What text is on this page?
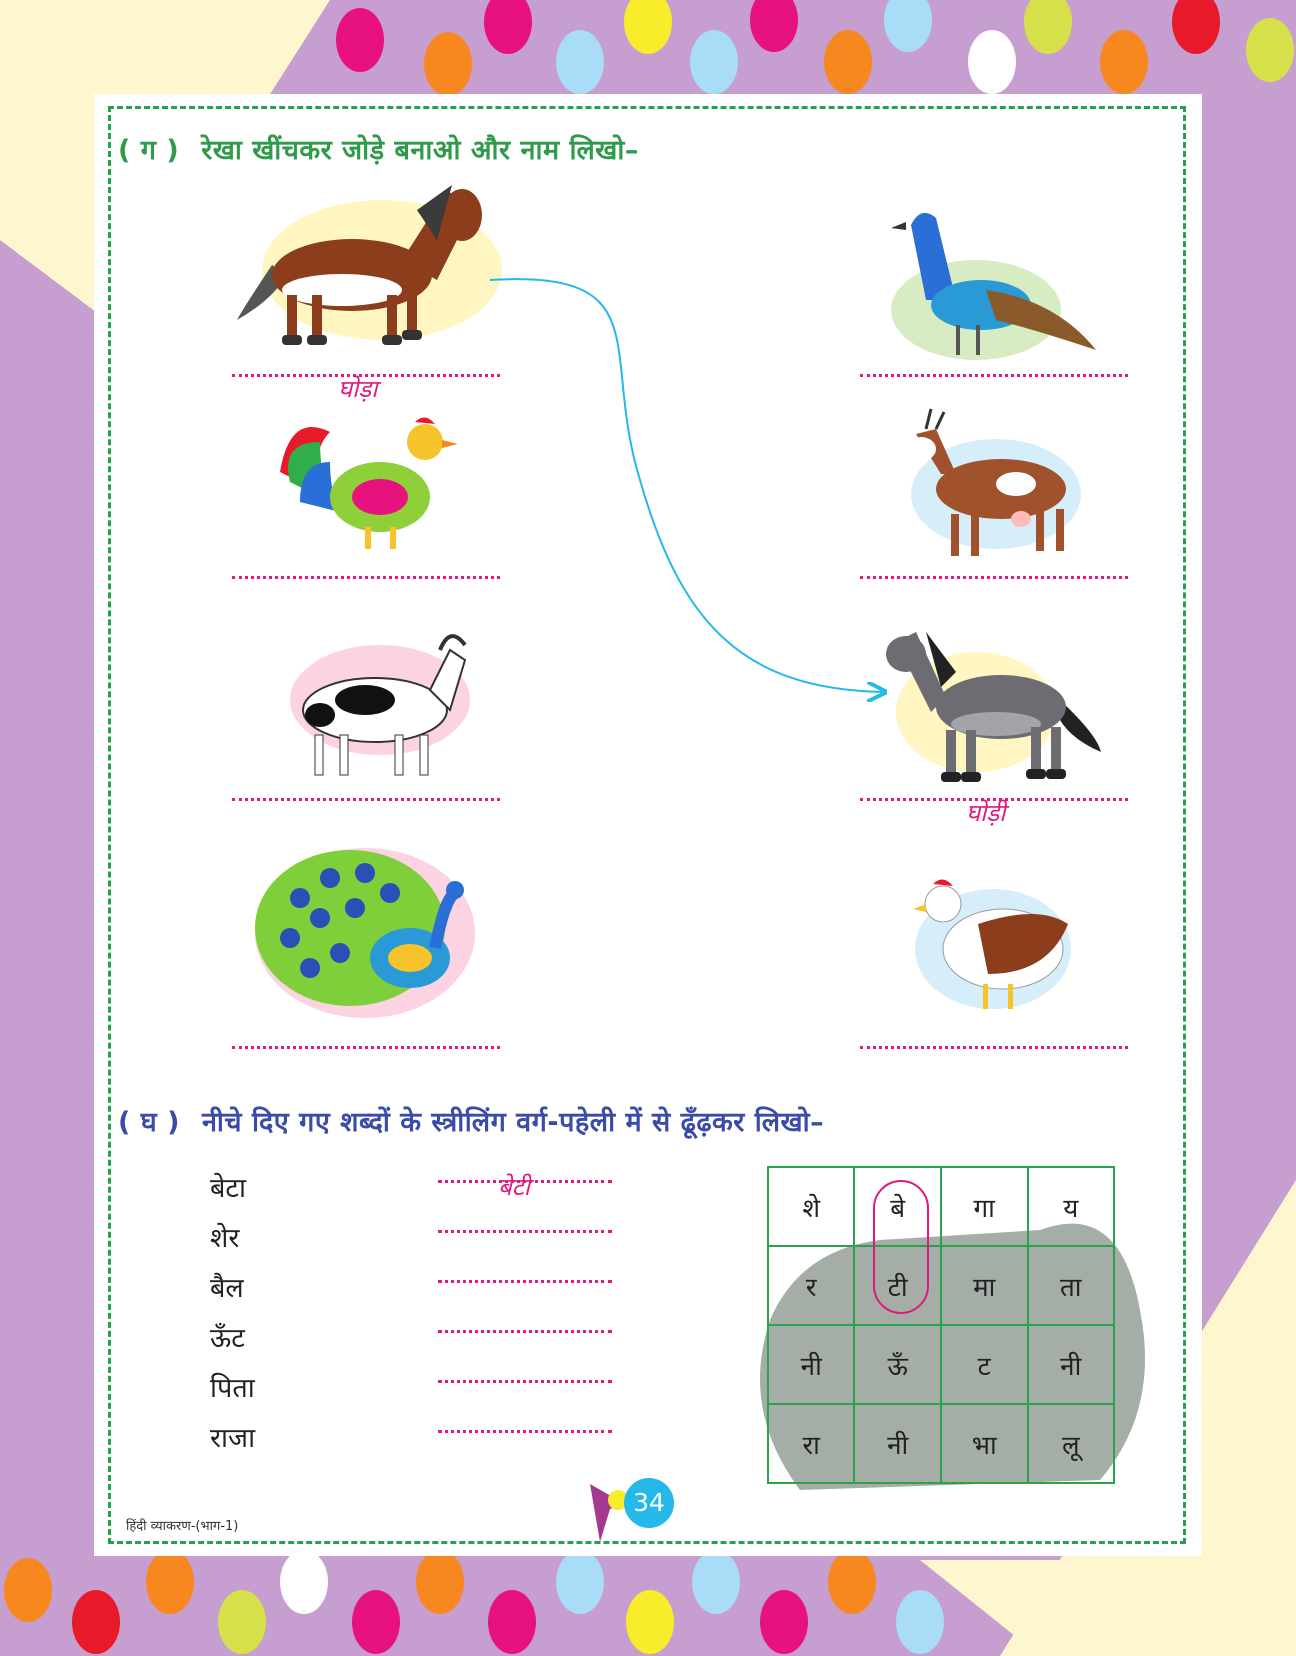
( ग ) रेखा खींचकर जोड़े बनाओ और नाम लिखो–
घोड़ा
घोड़ी
( घ ) नीचे दिए गए शब्दों के स्त्रीलिंग वर्ग-पहेली में से ढूँढ़कर लिखो–
बेटा	बेटी
शेर
बैल
ऊँट
पिता
राजा
शे	बे	गा	य
र	टी	मा	ता
नी	ऊँ	ट	नी
रा	नी	भा	लू
हिंदी व्याकरण-(भाग-1)
34
